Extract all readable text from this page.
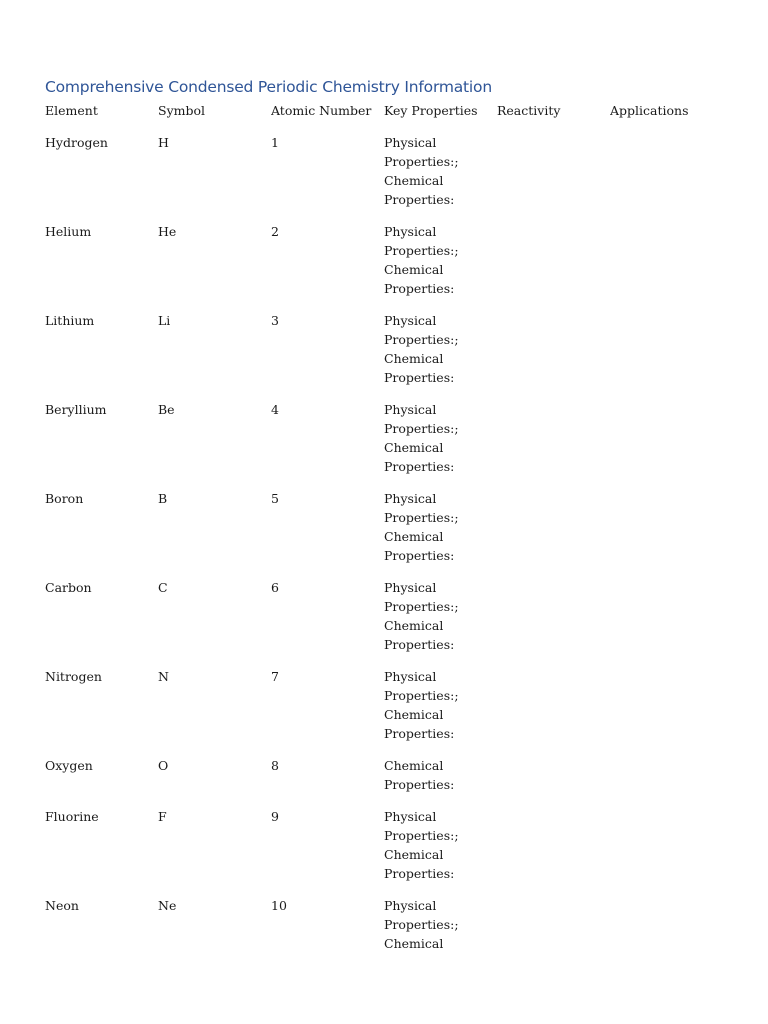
Comprehensive Condensed Periodic Chemistry Information
Element	Symbol	Atomic Number	Key Properties	Reactivity	Applications
Hydrogen	H	1	Physical
Properties:;
Chemical
Properties:		

Helium	He	2	Physical
Properties:;
Chemical
Properties:		

Lithium	Li	3	Physical
Properties:;
Chemical
Properties:		

Beryllium	Be	4	Physical
Properties:;
Chemical
Properties:		

Boron	B	5	Physical
Properties:;
Chemical
Properties:		

Carbon	C	6	Physical
Properties:;
Chemical
Properties:		

Nitrogen	N	7	Physical
Properties:;
Chemical
Properties:		

Oxygen	O	8	Chemical
Properties:		

Fluorine	F	9	Physical
Properties:;
Chemical
Properties:		

Neon	Ne	10	Physical
Properties:;
Chemical		
